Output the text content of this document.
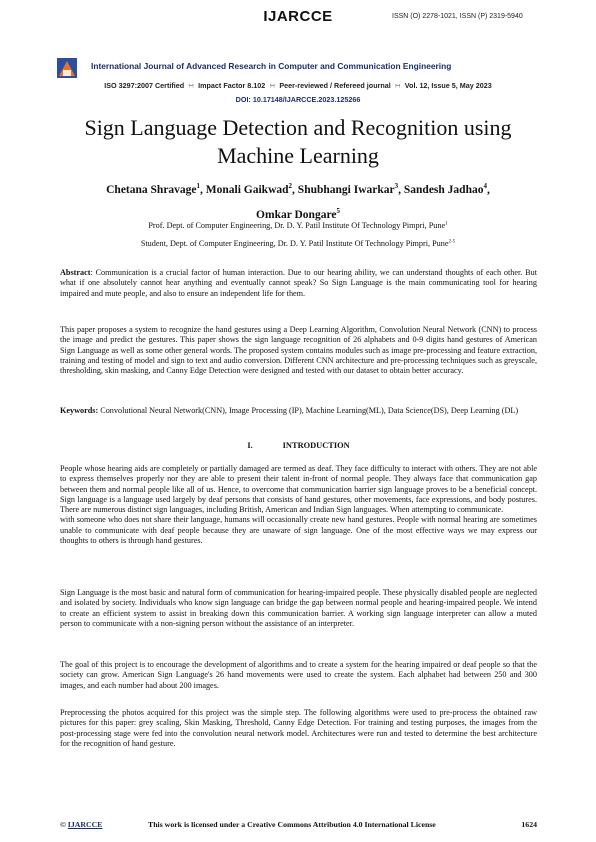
IJARCCE	ISSN (O) 2278-1021, ISSN (P) 2319-5940
International Journal of Advanced Research in Computer and Communication Engineering
ISO 3297:2007 Certified ∺ Impact Factor 8.102 ∺ Peer-reviewed / Refereed journal ∺ Vol. 12, Issue 5, May 2023
DOI: 10.17148/IJARCCE.2023.125266
Sign Language Detection and Recognition using
Machine Learning
Chetana Shravage$^1$, Monali Gaikwad$^2$, Shubhangi Iwarkar$^3$, Sandesh Jadhao$^4$,
Omkar Dongare$^5$
Prof. Dept. of Computer Engineering, Dr. D. Y. Patil Institute Of Technology Pimpri, Pune$^1$
Student, Dept. of Computer Engineering, Dr. D. Y. Patil Institute Of Technology Pimpri, Pune$^{2-5}$
Abstract: Communication is a crucial factor of human interaction. Due to our hearing ability, we can understand thoughts of each other. But what if one absolutely cannot hear anything and eventually cannot speak? So Sign Language is the main communicating tool for hearing impaired and mute people, and also to ensure an independent life for them.
This paper proposes a system to recognize the hand gestures using a Deep Learning Algorithm, Convolution Neural Network (CNN) to process the image and predict the gestures. This paper shows the sign language recognition of 26 alphabets and 0-9 digits hand gestures of American Sign Language as well as some other general words. The proposed system contains modules such as image pre-processing and feature extraction, training and testing of model and sign to text and audio conversion. Different CNN architecture and pre-processing techniques such as greyscale, thresholding, skin masking, and Canny Edge Detection were designed and tested with our dataset to obtain better accuracy.
Keywords: Convolutional Neural Network(CNN), Image Processing (IP), Machine Learning(ML), Data Science(DS), Deep Learning (DL)
I.	INTRODUCTION
People whose hearing aids are completely or partially damaged are termed as deaf. They face difficulty to interact with others. They are not able to express themselves properly nor they are able to present their talent in-front of normal people. They always face that communication gap between them and normal people like all of us. Hence, to overcome that communication barrier sign language proves to be a beneficial concept. Sign language is a language used largely by deaf persons that consists of hand gestures, other movements, face expressions, and body postures. There are numerous distinct sign languages, including British, American and Indian Sign languages. When attempting to communicate.
with someone who does not share their language, humans will occasionally create new hand gestures. People with normal hearing are sometimes unable to communicate with deaf people because they are unaware of sign language. One of the most effective ways we may express our thoughts to others is through hand gestures.
Sign Language is the most basic and natural form of communication for hearing-impaired people. These physically disabled people are neglected and isolated by society. Individuals who know sign language can bridge the gap between normal people and hearing-impaired people. We intend to create an efficient system to assist in breaking down this communication barrier. A working sign language interpreter can allow a muted person to communicate with a non-signing person without the assistance of an interpreter.
The goal of this project is to encourage the development of algorithms and to create a system for the hearing impaired or deaf people so that the society can grow. American Sign Language's 26 hand movements were used to create the system. Each alphabet had between 250 and 300 images, and each number had about 200 images.
Preprocessing the photos acquired for this project was the simple step. The following algorithms were used to pre-process the obtained raw pictures for this paper: grey scaling, Skin Masking, Threshold, Canny Edge Detection. For training and testing purposes, the images from the post-processing stage were fed into the convolution neural network model. Architectures were run and tested to determine the best architecture for the recognition of hand gesture.
© IJARCCE	This work is licensed under a Creative Commons Attribution 4.0 International License	1624
